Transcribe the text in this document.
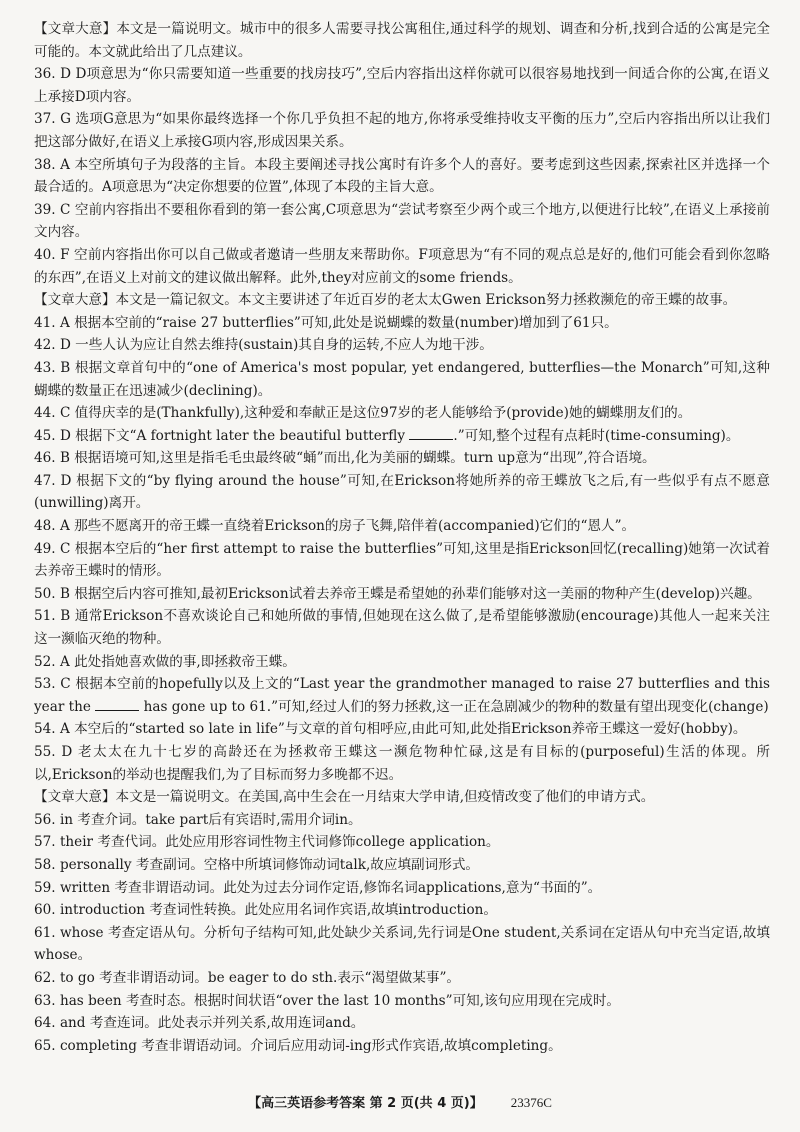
【文章大意】本文是一篇说明文。城市中的很多人需要寻找公寓租住,通过科学的规划、调查和分析,找到合适的公寓是完全可能的。本文就此给出了几点建议。

36. D D项意思为“你只需要知道一些重要的找房技巧”,空后内容指出这样你就可以很容易地找到一间适合你的公寓,在语义上承接D项内容。

37. G 选项G意思为“如果你最终选择一个你几乎负担不起的地方,你将承受维持收支平衡的压力”,空后内容指出所以让我们把这部分做好,在语义上承接G项内容,形成因果关系。

38. A 本空所填句子为段落的主旨。本段主要阐述寻找公寓时有许多个人的喜好。要考虑到这些因素,探索社区并选择一个最合适的。A项意思为“决定你想要的位置”,体现了本段的主旨大意。

39. C 空前内容指出不要租你看到的第一套公寓,C项意思为“尝试考察至少两个或三个地方,以便进行比较”,在语义上承接前文内容。

40. F 空前内容指出你可以自己做或者邀请一些朋友来帮助你。F项意思为“有不同的观点总是好的,他们可能会看到你忽略的东西”,在语义上对前文的建议做出解释。此外,they对应前文的some friends。

【文章大意】本文是一篇记叙文。本文主要讲述了年近百岁的老太太Gwen Erickson努力拯救濒危的帝王蝶的故事。

41. A 根据本空前的“raise 27 butterflies”可知,此处是说蝴蝶的数量(number)增加到了61只。

42. D 一些人认为应让自然去维持(sustain)其自身的运转,不应人为地干涉。

43. B 根据文章首句中的“one of America's most popular, yet endangered, butterflies—the Monarch”可知,这种蝴蝶的数量正在迅速减少(declining)。

44. C 值得庆幸的是(Thankfully),这种爱和奉献正是这位97岁的老人能够给予(provide)她的蝴蝶朋友们的。

45. D 根据下文“A fortnight later the beautiful butterfly	.”可知,整个过程有点耗时(time-consuming)。

46. B 根据语境可知,这里是指毛毛虫最终破“蛹”而出,化为美丽的蝴蝶。turn up意为“出现”,符合语境。

47. D 根据下文的“by flying around the house”可知,在Erickson将她所养的帝王蝶放飞之后,有一些似乎有点不愿意(unwilling)离开。

48. A 那些不愿离开的帝王蝶一直绕着Erickson的房子飞舞,陪伴着(accompanied)它们的“恩人”。

49. C 根据本空后的“her first attempt to raise the butterflies”可知,这里是指Erickson回忆(recalling)她第一次试着去养帝王蝶时的情形。

50. B 根据空后内容可推知,最初Erickson试着去养帝王蝶是希望她的孙辈们能够对这一美丽的物种产生(develop)兴趣。

51. B 通常Erickson不喜欢谈论自己和她所做的事情,但她现在这么做了,是希望能够激励(encourage)其他人一起来关注这一濒临灭绝的物种。

52. A 此处指她喜欢做的事,即拯救帝王蝶。

53. C 根据本空前的hopefully以及上文的“Last year the grandmother managed to raise 27 butterflies and this year the	has gone up to 61.”可知,经过人们的努力拯救,这一正在急剧减少的物种的数量有望出现变化(change)

54. A 本空后的“started so late in life”与文章的首句相呼应,由此可知,此处指Erickson养帝王蝶这一爱好(hobby)。

55. D 老太太在九十七岁的高龄还在为拯救帝王蝶这一濒危物种忙碌,这是有目标的(purposeful)生活的体现。所以,Erickson的举动也提醒我们,为了目标而努力多晚都不迟。

【文章大意】本文是一篇说明文。在美国,高中生会在一月结束大学申请,但疫情改变了他们的申请方式。

56. in 考查介词。take part后有宾语时,需用介词in。

57. their 考查代词。此处应用形容词性物主代词修饰college application。

58. personally 考查副词。空格中所填词修饰动词talk,故应填副词形式。

59. written 考查非谓语动词。此处为过去分词作定语,修饰名词applications,意为“书面的”。

60. introduction 考查词性转换。此处应用名词作宾语,故填introduction。

61. whose 考查定语从句。分析句子结构可知,此处缺少关系词,先行词是One student,关系词在定语从句中充当定语,故填whose。

62. to go 考查非谓语动词。be eager to do sth.表示“渴望做某事”。

63. has been 考查时态。根据时间状语“over the last 10 months”可知,该句应用现在完成时。

64. and 考查连词。此处表示并列关系,故用连词and。

65. completing 考查非谓语动词。介词后应用动词-ing形式作宾语,故填completing。

【高三英语参考答案 第 2 页(共 4 页)】 23376C
